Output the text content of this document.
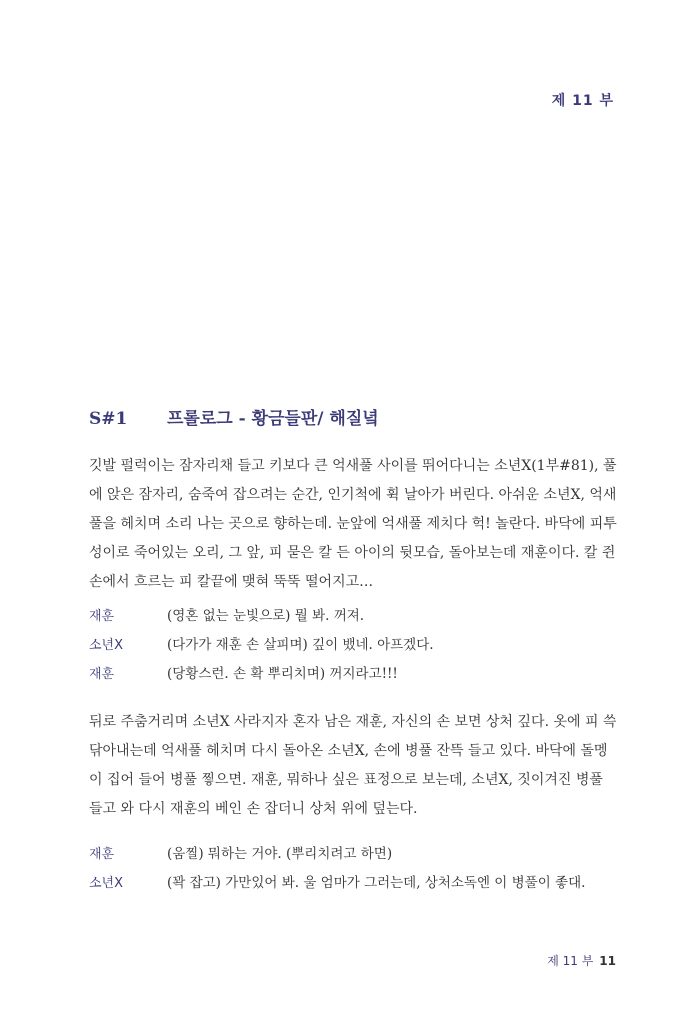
제 11 부
S#1 프롤로그 - 황금들판/ 해질녘
깃발 펄럭이는 잠자리채 들고 키보다 큰 억새풀 사이를 뛰어다니는 소년X(1부#81), 풀에 앉은 잠자리, 숨죽여 잡으려는 순간, 인기척에 휙 날아가 버린다. 아쉬운 소년X, 억새풀을 헤치며 소리 나는 곳으로 향하는데. 눈앞에 억새풀 제치다 헉! 놀란다. 바닥에 피투성이로 죽어있는 오리, 그 앞, 피 묻은 칼 든 아이의 뒷모습, 돌아보는데 재훈이다. 칼 쥔 손에서 흐르는 피 칼끝에 맺혀 뚝뚝 떨어지고…
재훈	(영혼 없는 눈빛으로) 뭘 봐. 꺼져.
소년X	(다가가 재훈 손 살피며) 깊이 뱄네. 아프겠다.
재훈	(당황스런. 손 확 뿌리치며) 꺼지라고!!!
뒤로 주춤거리며 소년X 사라지자 혼자 남은 재훈, 자신의 손 보면 상처 깊다. 옷에 피 쓱 닦아내는데 억새풀 헤치며 다시 돌아온 소년X, 손에 병풀 잔뜩 들고 있다. 바닥에 돌멩이 집어 들어 병풀 찧으면. 재훈, 뭐하나 싶은 표정으로 보는데, 소년X, 짓이겨진 병풀 들고 와 다시 재훈의 베인 손 잡더니 상처 위에 덮는다.
재훈	(움찔) 뭐하는 거야. (뿌리치려고 하면)
소년X	(꽉 잡고) 가만있어 봐. 울 엄마가 그러는데, 상처소독엔 이 병풀이 좋대.
제 11 부 11
